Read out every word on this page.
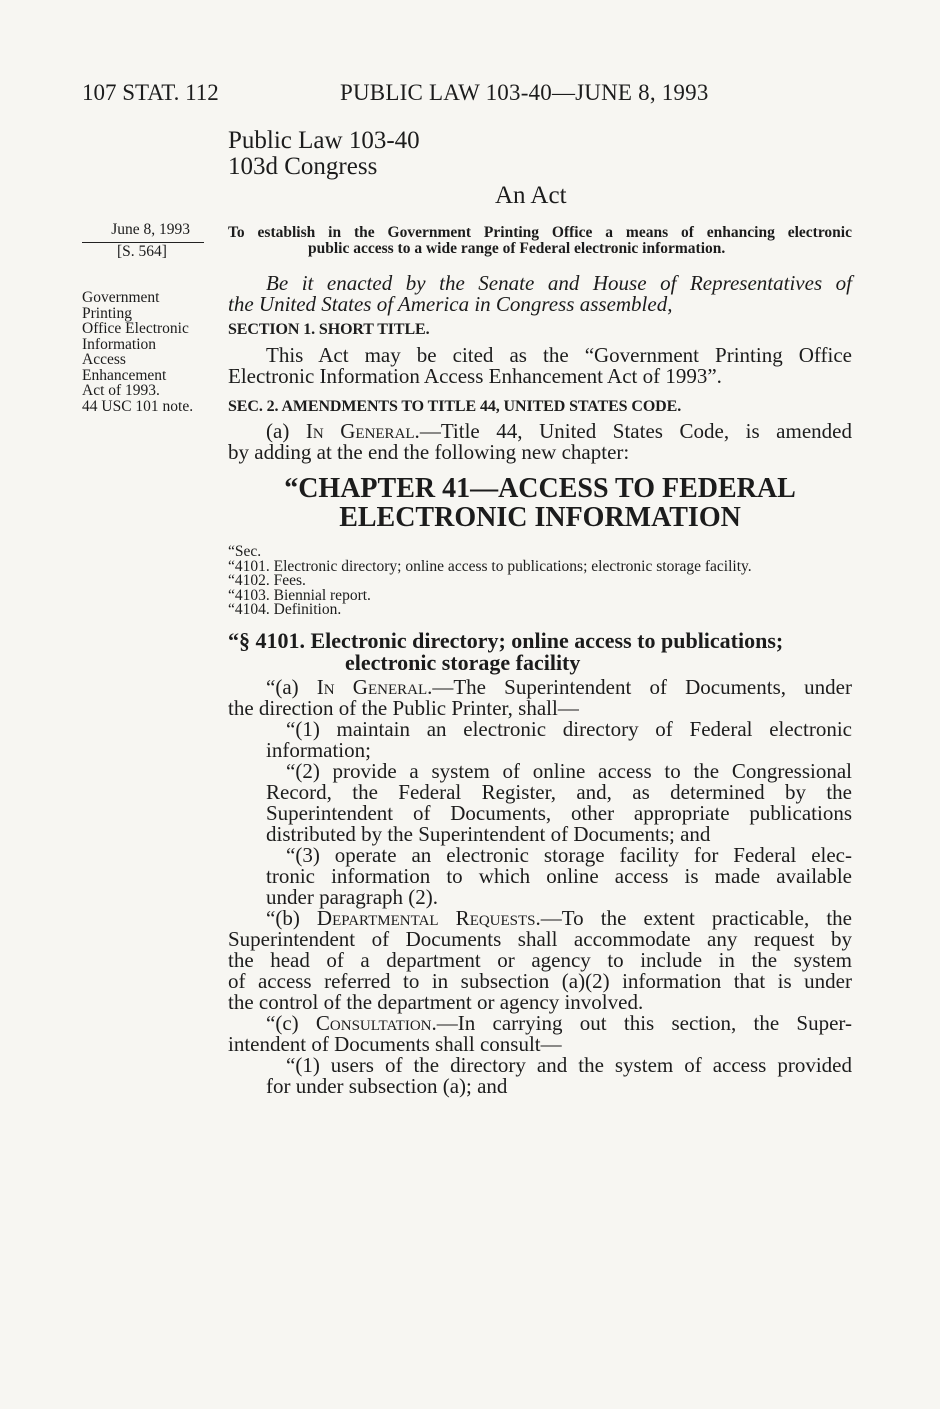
107 STAT. 112	PUBLIC LAW 103-40—JUNE 8, 1993
June 8, 1993
[S. 564]
Government
Printing
Office Electronic
Information
Access
Enhancement
Act of 1993.
44 USC 101 note.
Public Law 103-40
103d Congress
An Act
To establish in the Government Printing Office a means of enhancing electronic
public access to a wide range of Federal electronic information.
Be it enacted by the Senate and House of Representatives of
the United States of America in Congress assembled,
SECTION 1. SHORT TITLE.
This Act may be cited as the “Government Printing Office
Electronic Information Access Enhancement Act of 1993”.
SEC. 2. AMENDMENTS TO TITLE 44, UNITED STATES CODE.
(a) In General.—Title 44, United States Code, is amended
by adding at the end the following new chapter:
“CHAPTER 41—ACCESS TO FEDERAL
ELECTRONIC INFORMATION
“Sec.
“4101. Electronic directory; online access to publications; electronic storage facility.
“4102. Fees.
“4103. Biennial report.
“4104. Definition.
“§ 4101. Electronic directory; online access to publications;
electronic storage facility
“(a) In General.—The Superintendent of Documents, under
the direction of the Public Printer, shall—
“(1) maintain an electronic directory of Federal electronic
information;
“(2) provide a system of online access to the Congressional
Record, the Federal Register, and, as determined by the
Superintendent of Documents, other appropriate publications
distributed by the Superintendent of Documents; and
“(3) operate an electronic storage facility for Federal elec-
tronic information to which online access is made available
under paragraph (2).
“(b) Departmental Requests.—To the extent practicable, the
Superintendent of Documents shall accommodate any request by
the head of a department or agency to include in the system
of access referred to in subsection (a)(2) information that is under
the control of the department or agency involved.
“(c) Consultation.—In carrying out this section, the Super-
intendent of Documents shall consult—
“(1) users of the directory and the system of access provided
for under subsection (a); and
